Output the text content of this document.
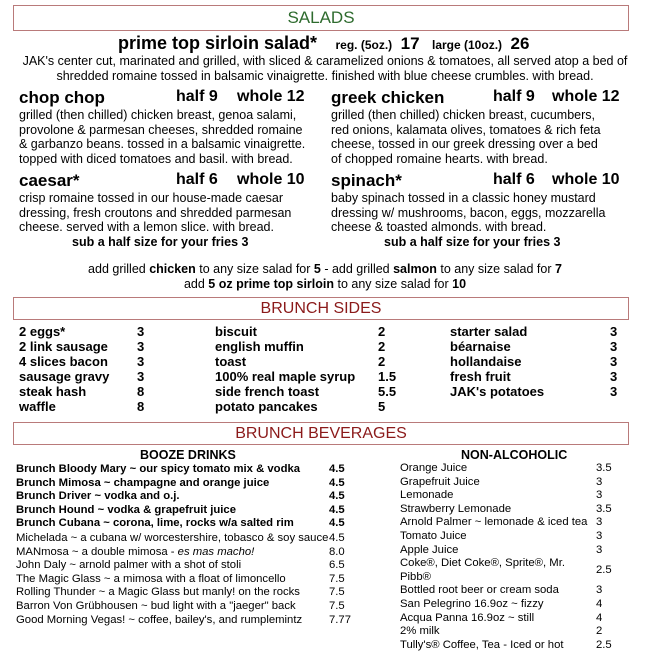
SALADS
prime top sirloin salad* reg. (5oz.) 17 large (10oz.) 26
JAK's center cut, marinated and grilled, with sliced & caramelized onions & tomatoes, all served atop a bed of
shredded romaine tossed in balsamic vinaigrette. finished with blue cheese crumbles. with bread.
chop chop	half 9 whole 12
grilled (then chilled) chicken breast, genoa salami,
provolone & parmesan cheeses, shredded romaine
& garbanzo beans. tossed in a balsamic vinaigrette.
topped with diced tomatoes and basil. with bread.
greek chicken	half 9 whole 12
grilled (then chilled) chicken breast, cucumbers,
red onions, kalamata olives, tomatoes & rich feta
cheese, tossed in our greek dressing over a bed
of chopped romaine hearts. with bread.
caesar*	half 6 whole 10
crisp romaine tossed in our house-made caesar
dressing, fresh croutons and shredded parmesan
cheese. served with a lemon slice. with bread.
sub a half size for your fries 3
spinach*	half 6 whole 10
baby spinach tossed in a classic honey mustard
dressing w/ mushrooms, bacon, eggs, mozzarella
cheese & toasted almonds. with bread.
sub a half size for your fries 3
add grilled chicken to any size salad for 5 - add grilled salmon to any size salad for 7
add 5 oz prime top sirloin to any size salad for 10
BRUNCH SIDES
2 eggs*	3
2 link sausage	3
4 slices bacon	3
sausage gravy	3
steak hash	8
waffle	8
biscuit	2
english muffin	2
toast	2
100% real maple syrup	1.5
side french toast	5.5
potato pancakes	5
starter salad	3
béarnaise	3
hollandaise	3
fresh fruit	3
JAK's potatoes	3
BRUNCH BEVERAGES
BOOZE DRINKS
Brunch Bloody Mary ~ our spicy tomato mix & vodka	4.5
Brunch Mimosa ~ champagne and orange juice	4.5
Brunch Driver ~ vodka and o.j.	4.5
Brunch Hound ~ vodka & grapefruit juice	4.5
Brunch Cubana ~ corona, lime, rocks w/a salted rim	4.5
Michelada ~ a cubana w/ worcestershire, tobasco & soy sauce	4.5
MANmosa ~ a double mimosa - es mas macho!	8.0
John Daly ~ arnold palmer with a shot of stoli	6.5
The Magic Glass ~ a mimosa with a float of limoncello	7.5
Rolling Thunder ~ a Magic Glass but manly! on the rocks	7.5
Barron Von Grübhousen ~ bud light with a "jaeger" back	7.5
Good Morning Vegas! ~ coffee, bailey's, and rumplemintz	7.77
NON-ALCOHOLIC
Orange Juice	3.5
Grapefruit Juice	3
Lemonade	3
Strawberry Lemonade	3.5
Arnold Palmer ~ lemonade & iced tea	3
Tomato Juice	3
Apple Juice	3
Coke®, Diet Coke®, Sprite®, Mr. Pibb®	2.5
Bottled root beer or cream soda	3
San Pelegrino 16.9oz ~ fizzy	4
Acqua Panna 16.9oz ~ still	4
2% milk	2
Tully's® Coffee, Tea - Iced or hot	2.5
